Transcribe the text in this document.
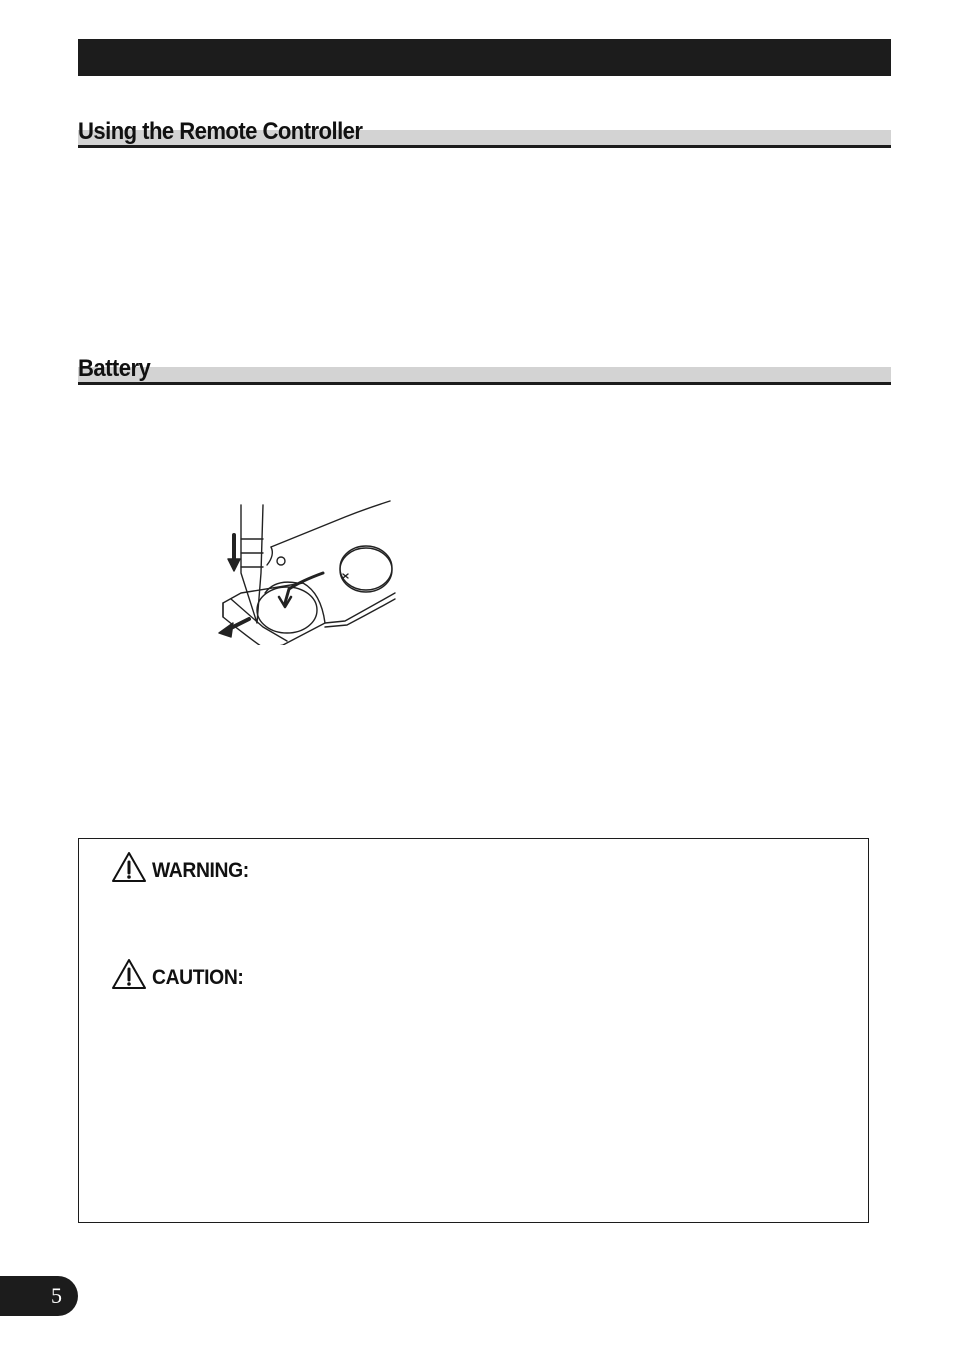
Using the Remote Controller
Battery
WARNING:
CAUTION:
5
